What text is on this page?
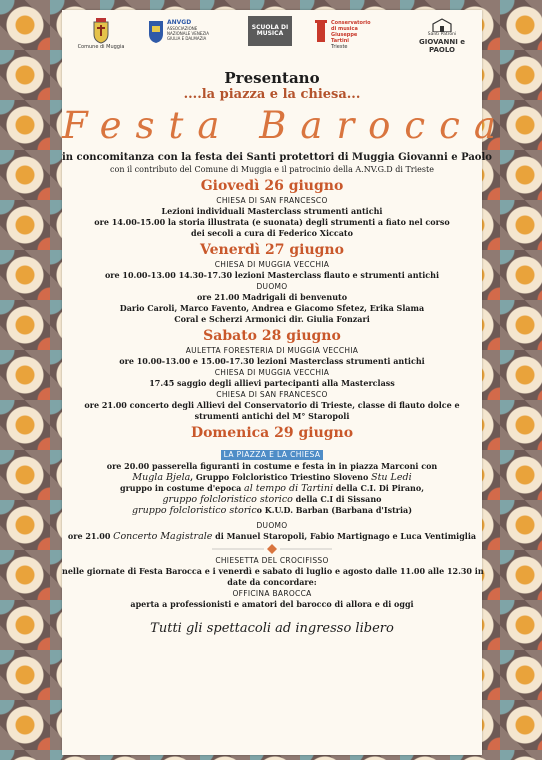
Comune di Muggia
ANVGD
ASSOCIAZIONE NAZIONALE VENEZIA GIULIA E DALMAZIA
SCUOLA DI MUSICA
Conservatorio di musica Giuseppe Tartini
Trieste
Santi Patroni
GIOVANNI e PAOLO
Presentano
....la piazza e la chiesa...
Festa Barocca
in concomitanza con la festa dei Santi protettori di Muggia Giovanni e Paolo
con il contributo del Comune di Muggia e il patrocinio della A.NV.G.D di Trieste
Giovedì 26 giugno
CHIESA DI SAN FRANCESCO
Lezioni individuali Masterclass strumenti antichi
ore 14.00-15.00 la storia illustrata (e suonata) degli strumenti a fiato nel corso
dei secoli a cura di Federico Xiccato
Venerdì 27 giugno
CHIESA DI MUGGIA VECCHIA
ore 10.00-13.00 14.30-17.30 lezioni Masterclass flauto e strumenti antichi
DUOMO
ore 21.00 Madrigali di benvenuto
Dario Caroli, Marco Favento, Andrea e Giacomo Sfetez, Erika Slama
Coral e Scherzi Armonici dir. Giulia Fonzari
Sabato 28 giugno
AULETTA FORESTERIA DI MUGGIA VECCHIA
ore 10.00-13.00 e 15.00-17.30 lezioni Masterclass strumenti antichi
CHIESA DI MUGGIA VECCHIA
17.45 saggio degli allievi partecipanti alla Masterclass
CHIESA DI SAN FRANCESCO
ore 21.00 concerto degli Allievi del Conservatorio di Trieste, classe di flauto dolce e
strumenti antichi del M° Staropoli
Domenica 29 giugno
LA PIAZZA E LA CHIESA
ore 20.00 passerella figuranti in costume e festa in in piazza Marconi con
Mugla Bjela, Gruppo Folcloristico Triestino Sloveno Stu Ledi
gruppo in costume d'epoca al tempo di Tartini della C.I. Di Pirano,
gruppo folcloristico storico della C.I di Sissano
gruppo folcloristico storico K.U.D. Barban (Barbana d'Istria)
DUOMO
ore 21.00 Concerto Magistrale di Manuel Staropoli, Fabio Martignago e Luca Ventimiglia
CHIESETTA DEL CROCIFISSO
nelle giornate di Festa Barocca e i venerdì e sabato di luglio e agosto dalle 11.00 alle 12.30 in
date da concordare:
OFFICINA BAROCCA
aperta a professionisti e amatori del barocco di allora e di oggi
Tutti gli spettacoli ad ingresso libero
